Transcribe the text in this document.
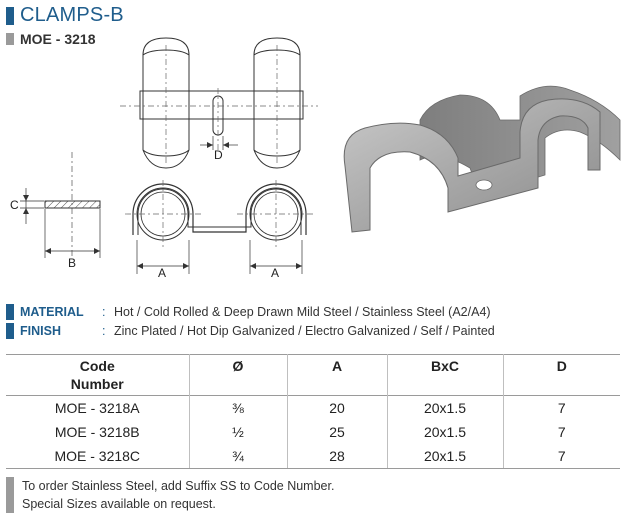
CLAMPS-B
MOE - 3218
C
B
D
A	A
MATERIAL	: Hot / Cold Rolled & Deep Drawn Mild Steel / Stainless Steel (A2/A4)
FINISH	: Zinc Plated / Hot Dip Galvanized / Electro Galvanized / Self / Painted
Code
Number	Ø	A	BxC	D
MOE - 3218A	⅜	20	20x1.5	7
MOE - 3218B	½	25	20x1.5	7
MOE - 3218C	¾	28	20x1.5	7
To order Stainless Steel, add Suffix SS to Code Number.
Special Sizes available on request.
